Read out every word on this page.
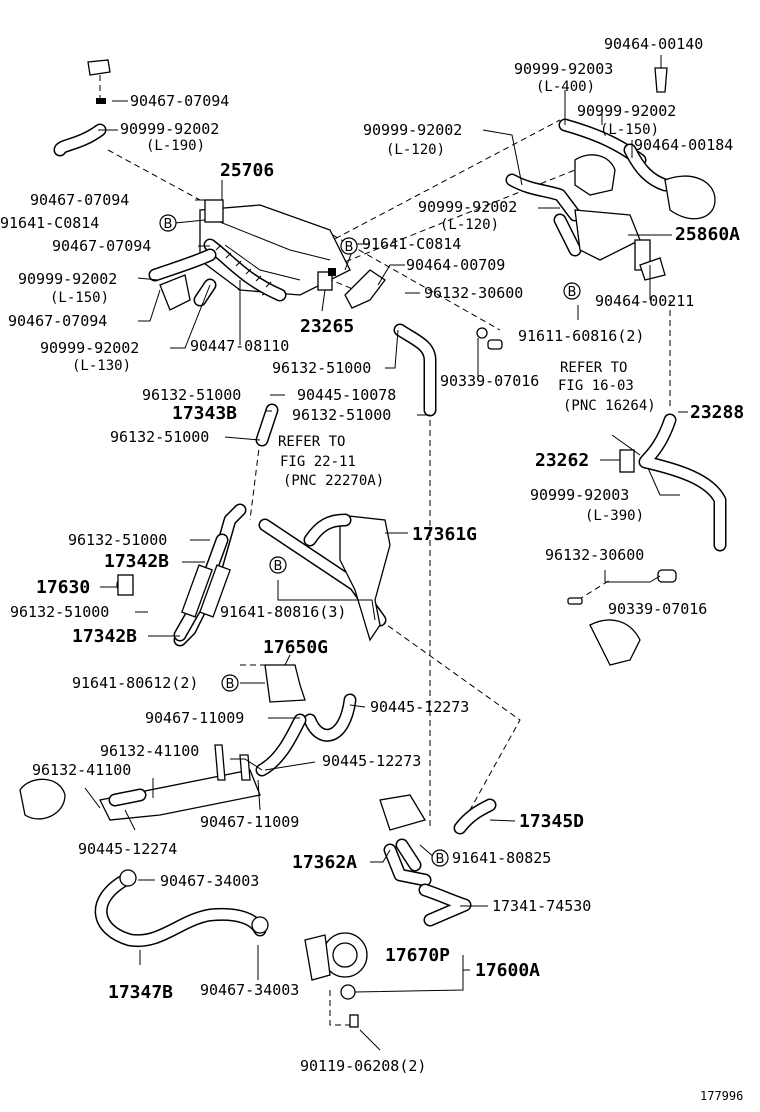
B
B
B
B
B
B
90464-00140
90999-92003
(L-400)
90467-07094
90999-92002
90999-92002	90999-92002	(L-150)
(L-190)	90464-00184
(L-120)
25706
90467-07094	90999-92002
91641-C0814	(L-120)	25860A
90467-07094	91641-C0814
90464-00709
90999-92002
96132-30600
(L-150)	90464-00211
90467-07094	23265	91611-60816(2)
90999-92002	90447-08110
(L-130)	96132-51000	REFER TO
90339-07016 FIG 16-03
96132-51000	90445-10078
(PNC 16264)
17343B	96132-51000	23288
96132-51000	REFER TO
23262
FIG 22-11
(PNC 22270A)
90999-92003
(L-390)
96132-51000	17361G
17342B	96132-30600
17630
96132-51000	91641-80816(3)	90339-07016
17342B
17650G
91641-80612(2)
90445-12273
90467-11009
96132-41100
90445-12273
96132-41100
90467-11009	17345D
90445-12274
17362A	91641-80825
90467-34003
17341-74530
17670P
17600A
17347B 90467-34003
90119-06208(2)
177996
